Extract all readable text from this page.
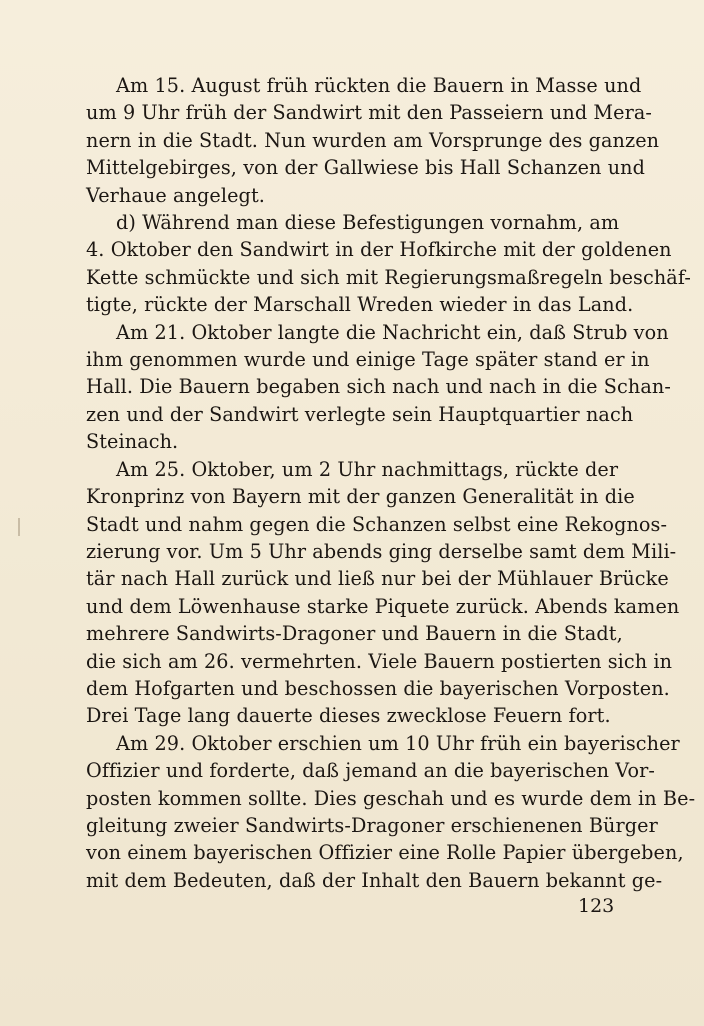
Am 15. August früh rückten die Bauern in Masse und
um 9 Uhr früh der Sandwirt mit den Passeiern und Mera-
nern in die Stadt. Nun wurden am Vorsprunge des ganzen
Mittelgebirges, von der Gallwiese bis Hall Schanzen und
Verhaue angelegt.
d) Während man diese Befestigungen vornahm, am
4. Oktober den Sandwirt in der Hofkirche mit der goldenen
Kette schmückte und sich mit Regierungsmaßregeln beschäf-
tigte, rückte der Marschall Wreden wieder in das Land.
Am 21. Oktober langte die Nachricht ein, daß Strub von
ihm genommen wurde und einige Tage später stand er in
Hall. Die Bauern begaben sich nach und nach in die Schan-
zen und der Sandwirt verlegte sein Hauptquartier nach
Steinach.
Am 25. Oktober, um 2 Uhr nachmittags, rückte der
Kronprinz von Bayern mit der ganzen Generalität in die
Stadt und nahm gegen die Schanzen selbst eine Rekognos-
zierung vor. Um 5 Uhr abends ging derselbe samt dem Mili-
tär nach Hall zurück und ließ nur bei der Mühlauer Brücke
und dem Löwenhause starke Piquete zurück. Abends kamen
mehrere Sandwirts-Dragoner und Bauern in die Stadt,
die sich am 26. vermehrten. Viele Bauern postierten sich in
dem Hofgarten und beschossen die bayerischen Vorposten.
Drei Tage lang dauerte dieses zwecklose Feuern fort.
Am 29. Oktober erschien um 10 Uhr früh ein bayerischer
Offizier und forderte, daß jemand an die bayerischen Vor-
posten kommen sollte. Dies geschah und es wurde dem in Be-
gleitung zweier Sandwirts-Dragoner erschienenen Bürger
von einem bayerischen Offizier eine Rolle Papier übergeben,
mit dem Bedeuten, daß der Inhalt den Bauern bekannt ge-
123
